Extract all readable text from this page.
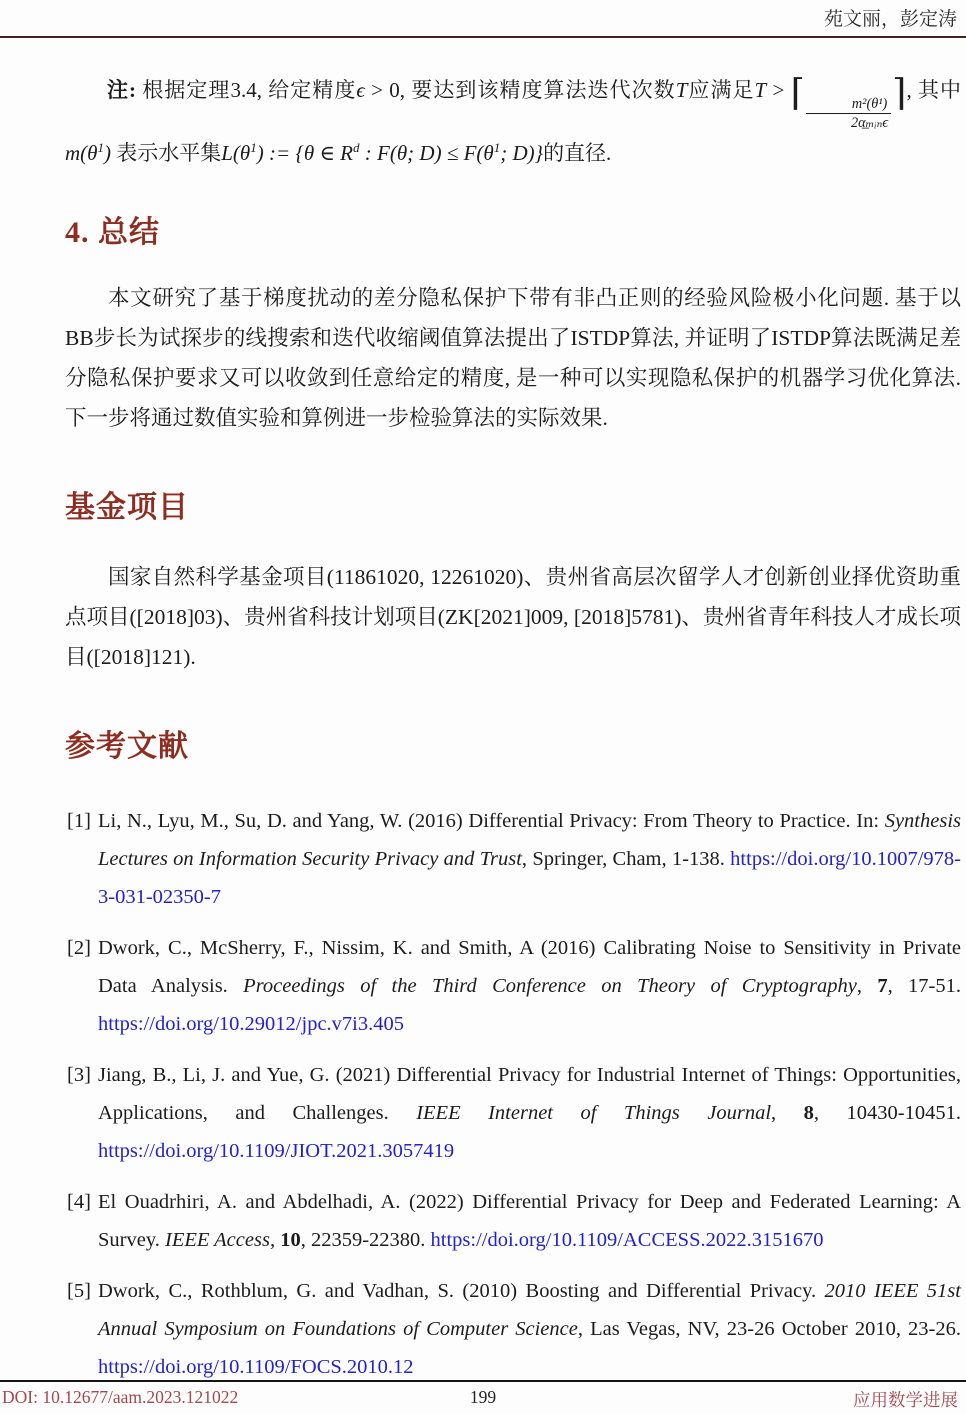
苑文丽，彭定涛

注: 根据定理3.4, 给定精度ϵ > 0, 要达到该精度算法迭代次数T应满足T > ⌈
$\frac{\text{m²(θ¹)}}{\text{2α̲ₘᵢₙϵ}}$
⌉, 其中$m(\theta^1)$ 表示水平集$L(\theta^1)$ := {θ ∈ $R^d$ : F(θ; $D) \le F(\theta^1$; D)}的直径.

4. 总结

本文研究了基于梯度扰动的差分隐私保护下带有非凸正则的经验风险极小化问题. 基于以BB步长为试探步的线搜索和迭代收缩阈值算法提出了ISTDP算法, 并证明了ISTDP算法既满足差分隐私保护要求又可以收敛到任意给定的精度, 是一种可以实现隐私保护的机器学习优化算法. 下一步将通过数值实验和算例进一步检验算法的实际效果.

基金项目

国家自然科学基金项目(11861020, 12261020)、贵州省高层次留学人才创新创业择优资助重点项目([2018]03)、贵州省科技计划项目(ZK[2021]009, [2018]5781)、贵州省青年科技人才成长项目([2018]121).

参考文献
[1] Li, N., Lyu, M., Su, D. and Yang, W. (2016) Differential Privacy: From Theory to Practice. In: Synthesis Lectures on Information Security Privacy and Trust, Springer, Cham, 1-138. https://doi.org/10.1007/978-3-031-02350-7
[2] Dwork, C., McSherry, F., Nissim, K. and Smith, A (2016) Calibrating Noise to Sensitivity in Private Data Analysis. Proceedings of the Third Conference on Theory of Cryptography, 7, 17-51. https://doi.org/10.29012/jpc.v7i3.405
[3] Jiang, B., Li, J. and Yue, G. (2021) Differential Privacy for Industrial Internet of Things: Opportunities, Applications, and Challenges. IEEE Internet of Things Journal, 8, 10430-10451. https://doi.org/10.1109/JIOT.2021.3057419
[4] El Ouadrhiri, A. and Abdelhadi, A. (2022) Differential Privacy for Deep and Federated Learning: A Survey. IEEE Access, 10, 22359-22380. https://doi.org/10.1109/ACCESS.2022.3151670
[5] Dwork, C., Rothblum, G. and Vadhan, S. (2010) Boosting and Differential Privacy. 2010 IEEE 51st Annual Symposium on Foundations of Computer Science, Las Vegas, NV, 23-26 October 2010, 23-26. https://doi.org/10.1109/FOCS.2010.12
DOI: 10.12677/aam.2023.121022	199	应用数学进展
